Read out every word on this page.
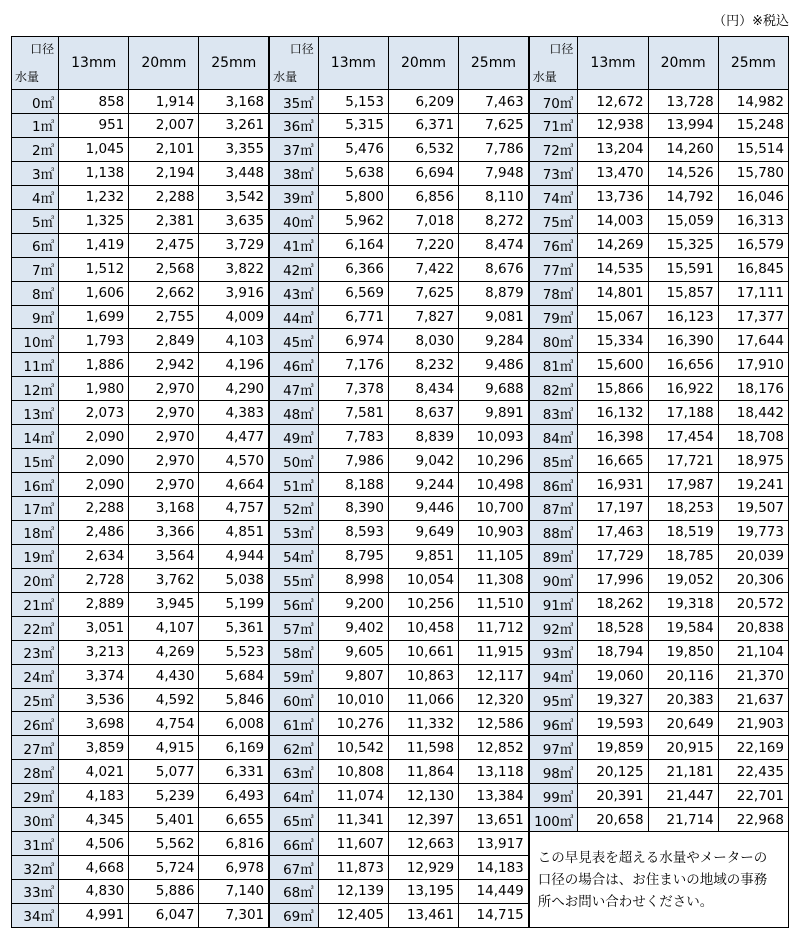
（円）※税込
口径
水量	13mm	20mm	25mm	口径
水量	13mm	20mm	25mm	口径
水量	13mm	20mm	25mm
0㎥	858	1,914	3,168	35㎥	5,153	6,209	7,463	70㎥	12,672	13,728	14,982
1㎥	951	2,007	3,261	36㎥	5,315	6,371	7,625	71㎥	12,938	13,994	15,248
2㎥	1,045	2,101	3,355	37㎥	5,476	6,532	7,786	72㎥	13,204	14,260	15,514
3㎥	1,138	2,194	3,448	38㎥	5,638	6,694	7,948	73㎥	13,470	14,526	15,780
4㎥	1,232	2,288	3,542	39㎥	5,800	6,856	8,110	74㎥	13,736	14,792	16,046
5㎥	1,325	2,381	3,635	40㎥	5,962	7,018	8,272	75㎥	14,003	15,059	16,313
6㎥	1,419	2,475	3,729	41㎥	6,164	7,220	8,474	76㎥	14,269	15,325	16,579
7㎥	1,512	2,568	3,822	42㎥	6,366	7,422	8,676	77㎥	14,535	15,591	16,845
8㎥	1,606	2,662	3,916	43㎥	6,569	7,625	8,879	78㎥	14,801	15,857	17,111
9㎥	1,699	2,755	4,009	44㎥	6,771	7,827	9,081	79㎥	15,067	16,123	17,377
10㎥	1,793	2,849	4,103	45㎥	6,974	8,030	9,284	80㎥	15,334	16,390	17,644
11㎥	1,886	2,942	4,196	46㎥	7,176	8,232	9,486	81㎥	15,600	16,656	17,910
12㎥	1,980	2,970	4,290	47㎥	7,378	8,434	9,688	82㎥	15,866	16,922	18,176
13㎥	2,073	2,970	4,383	48㎥	7,581	8,637	9,891	83㎥	16,132	17,188	18,442
14㎥	2,090	2,970	4,477	49㎥	7,783	8,839	10,093	84㎥	16,398	17,454	18,708
15㎥	2,090	2,970	4,570	50㎥	7,986	9,042	10,296	85㎥	16,665	17,721	18,975
16㎥	2,090	2,970	4,664	51㎥	8,188	9,244	10,498	86㎥	16,931	17,987	19,241
17㎥	2,288	3,168	4,757	52㎥	8,390	9,446	10,700	87㎥	17,197	18,253	19,507
18㎥	2,486	3,366	4,851	53㎥	8,593	9,649	10,903	88㎥	17,463	18,519	19,773
19㎥	2,634	3,564	4,944	54㎥	8,795	9,851	11,105	89㎥	17,729	18,785	20,039
20㎥	2,728	3,762	5,038	55㎥	8,998	10,054	11,308	90㎥	17,996	19,052	20,306
21㎥	2,889	3,945	5,199	56㎥	9,200	10,256	11,510	91㎥	18,262	19,318	20,572
22㎥	3,051	4,107	5,361	57㎥	9,402	10,458	11,712	92㎥	18,528	19,584	20,838
23㎥	3,213	4,269	5,523	58㎥	9,605	10,661	11,915	93㎥	18,794	19,850	21,104
24㎥	3,374	4,430	5,684	59㎥	9,807	10,863	12,117	94㎥	19,060	20,116	21,370
25㎥	3,536	4,592	5,846	60㎥	10,010	11,066	12,320	95㎥	19,327	20,383	21,637
26㎥	3,698	4,754	6,008	61㎥	10,276	11,332	12,586	96㎥	19,593	20,649	21,903
27㎥	3,859	4,915	6,169	62㎥	10,542	11,598	12,852	97㎥	19,859	20,915	22,169
28㎥	4,021	5,077	6,331	63㎥	10,808	11,864	13,118	98㎥	20,125	21,181	22,435
29㎥	4,183	5,239	6,493	64㎥	11,074	12,130	13,384	99㎥	20,391	21,447	22,701
30㎥	4,345	5,401	6,655	65㎥	11,341	12,397	13,651	100㎥	20,658	21,714	22,968
31㎥	4,506	5,562	6,816	66㎥	11,607	12,663	13,917	この早見表を超える水量やメーターの口径の場合は、お住まいの地域の事務所へお問い合わせください。			
32㎥	4,668	5,724	6,978	67㎥	11,873	12,929	14,183				
33㎥	4,830	5,886	7,140	68㎥	12,139	13,195	14,449				
34㎥	4,991	6,047	7,301	69㎥	12,405	13,461	14,715				
